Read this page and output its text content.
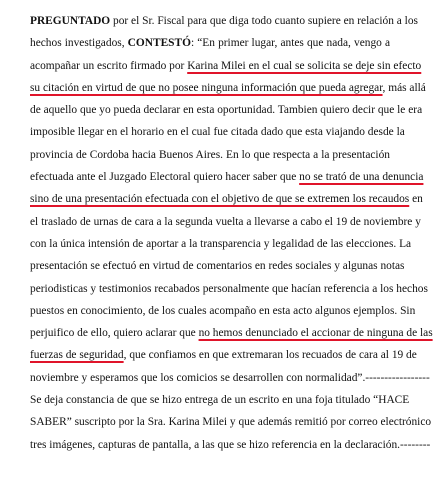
PREGUNTADO por el Sr. Fiscal para que diga todo cuanto supiere en relación a los
hechos investigados, CONTESTÓ: “En primer lugar, antes que nada, vengo a
acompañar un escrito firmado por Karina Milei en el cual se solicita se deje sin efecto
su citación en virtud de que no posee ninguna información que pueda agregar, más allá
de aquello que yo pueda declarar en esta oportunidad. Tambien quiero decir que le era
imposible llegar en el horario en el cual fue citada dado que esta viajando desde la
provincia de Cordoba hacia Buenos Aires. En lo que respecta a la presentación
efectuada ante el Juzgado Electoral quiero hacer saber que no se trató de una denuncia
sino de una presentación efectuada con el objetivo de que se extremen los recaudos en
el traslado de urnas de cara a la segunda vuelta a llevarse a cabo el 19 de noviembre y
con la única intensión de aportar a la transparencia y legalidad de las elecciones. La
presentación se efectuó en virtud de comentarios en redes sociales y algunas notas
periodisticas y testimonios recabados personalmente que hacían referencia a los hechos
puestos en conocimiento, de los cuales acompaño en esta acto algunos ejemplos. Sin
perjuifico de ello, quiero aclarar que no hemos denunciado el accionar de ninguna de las
fuerzas de seguridad, que confiamos en que extremaran los recuados de cara al 19 de
noviembre y esperamos que los comicios se desarrollen con normalidad”.-----------------
Se deja constancia de que se hizo entrega de un escrito en una foja titulado “HACE
SABER” suscripto por la Sra. Karina Milei y que además remitió por correo electrónico
tres imágenes, capturas de pantalla, a las que se hizo referencia en la declaración.--------
